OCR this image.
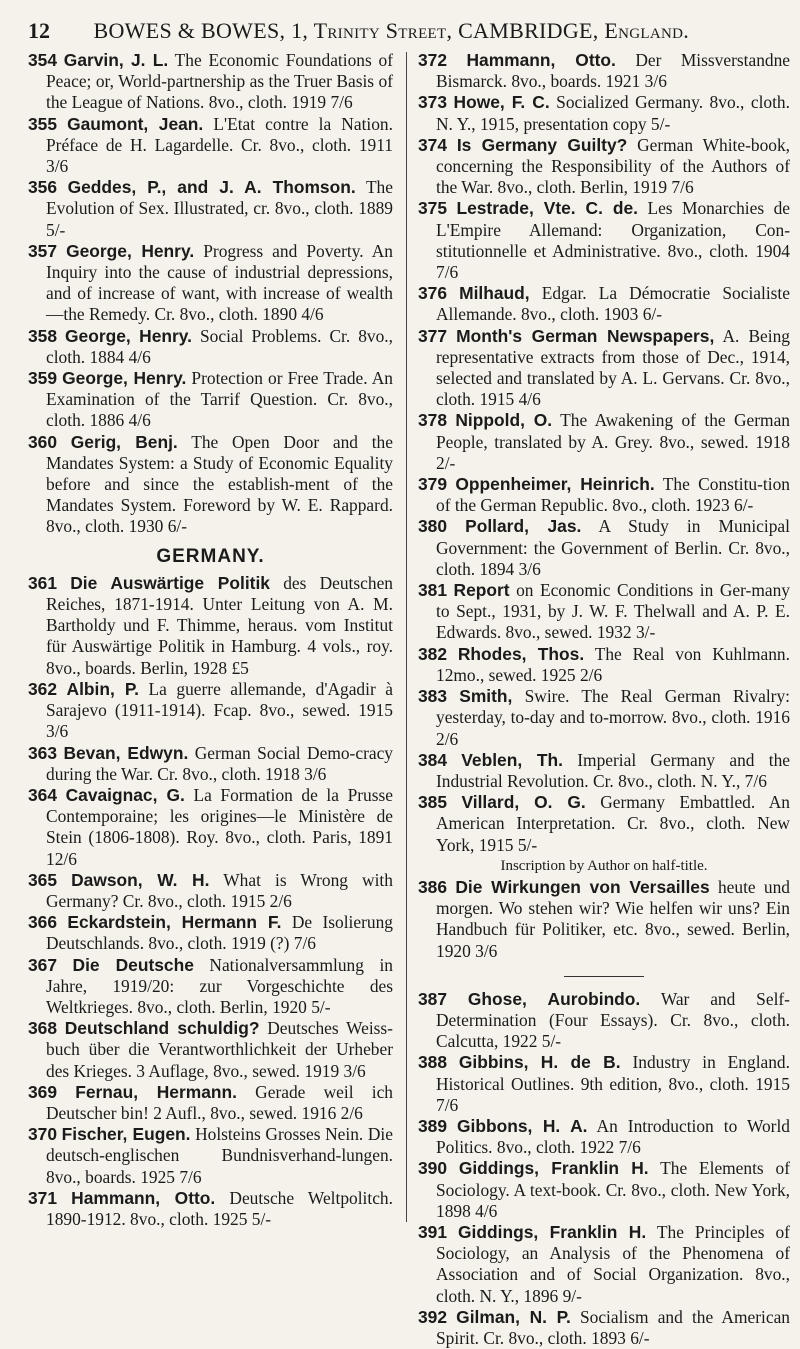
12 BOWES & BOWES, 1, Trinity Street, CAMBRIDGE, England.
354 Garvin, J. L. The Economic Foundations of Peace; or, World-partnership as the Truer Basis of the League of Nations. 8vo., cloth. 1919 7/6
355 Gaumont, Jean. L'Etat contre la Nation. Préface de H. Lagardelle. Cr. 8vo., cloth. 1911 3/6
356 Geddes, P., and J. A. Thomson. The Evolution of Sex. Illustrated, cr. 8vo., cloth. 1889 5/-
357 George, Henry. Progress and Poverty. An Inquiry into the cause of industrial depressions, and of increase of want, with increase of wealth—the Remedy. Cr. 8vo., cloth. 1890 4/6
358 George, Henry. Social Problems. Cr. 8vo., cloth. 1884 4/6
359 George, Henry. Protection or Free Trade. An Examination of the Tarrif Question. Cr. 8vo., cloth. 1886 4/6
360 Gerig, Benj. The Open Door and the Mandates System: a Study of Economic Equality before and since the establish-ment of the Mandates System. Foreword by W. E. Rappard. 8vo., cloth. 1930 6/-
GERMANY.
361 Die Auswärtige Politik des Deutschen Reiches, 1871-1914. Unter Leitung von A. M. Bartholdy und F. Thimme, heraus. vom Institut für Auswärtige Politik in Hamburg. 4 vols., roy. 8vo., boards. Berlin, 1928 £5
362 Albin, P. La guerre allemande, d'Agadir à Sarajevo (1911-1914). Fcap. 8vo., sewed. 1915 3/6
363 Bevan, Edwyn. German Social Demo-cracy during the War. Cr. 8vo., cloth. 1918 3/6
364 Cavaignac, G. La Formation de la Prusse Contemporaine; les origines—le Ministère de Stein (1806-1808). Roy. 8vo., cloth. Paris, 1891 12/6
365 Dawson, W. H. What is Wrong with Germany? Cr. 8vo., cloth. 1915 2/6
366 Eckardstein, Hermann F. De Isolierung Deutschlands. 8vo., cloth. 1919 (?) 7/6
367 Die Deutsche Nationalversammlung in Jahre, 1919/20: zur Vorgeschichte des Weltkrieges. 8vo., cloth. Berlin, 1920 5/-
368 Deutschland schuldig? Deutsches Weiss-buch über die Verantworthlichkeit der Urheber des Krieges. 3 Auflage, 8vo., sewed. 1919 3/6
369 Fernau, Hermann. Gerade weil ich Deutscher bin! 2 Aufl., 8vo., sewed. 1916 2/6
370 Fischer, Eugen. Holsteins Grosses Nein. Die deutsch-englischen Bundnisverhand-lungen. 8vo., boards. 1925 7/6
371 Hammann, Otto. Deutsche Weltpolitch. 1890-1912. 8vo., cloth. 1925 5/-
372 Hammann, Otto. Der Missverstandne Bismarck. 8vo., boards. 1921 3/6
373 Howe, F. C. Socialized Germany. 8vo., cloth. N. Y., 1915, presentation copy 5/-
374 Is Germany Guilty? German White-book, concerning the Responsibility of the Authors of the War. 8vo., cloth. Berlin, 1919 7/6
375 Lestrade, Vte. C. de. Les Monarchies de L'Empire Allemand: Organization, Con-stitutionnelle et Administrative. 8vo., cloth. 1904 7/6
376 Milhaud, Edgar. La Démocratie Socialiste Allemande. 8vo., cloth. 1903 6/-
377 Month's German Newspapers, A. Being representative extracts from those of Dec., 1914, selected and translated by A. L. Gervans. Cr. 8vo., cloth. 1915 4/6
378 Nippold, O. The Awakening of the German People, translated by A. Grey. 8vo., sewed. 1918 2/-
379 Oppenheimer, Heinrich. The Constitu-tion of the German Republic. 8vo., cloth. 1923 6/-
380 Pollard, Jas. A Study in Municipal Government: the Government of Berlin. Cr. 8vo., cloth. 1894 3/6
381 Report on Economic Conditions in Ger-many to Sept., 1931, by J. W. F. Thelwall and A. P. E. Edwards. 8vo., sewed. 1932 3/-
382 Rhodes, Thos. The Real von Kuhlmann. 12mo., sewed. 1925 2/6
383 Smith, Swire. The Real German Rivalry: yesterday, to-day and to-morrow. 8vo., cloth. 1916 2/6
384 Veblen, Th. Imperial Germany and the Industrial Revolution. Cr. 8vo., cloth. N. Y., 7/6
385 Villard, O. G. Germany Embattled. An American Interpretation. Cr. 8vo., cloth. New York, 1915 5/-
Inscription by Author on half-title.
386 Die Wirkungen von Versailles heute und morgen. Wo stehen wir? Wie helfen wir uns? Ein Handbuch für Politiker, etc. 8vo., sewed. Berlin, 1920 3/6
387 Ghose, Aurobindo. War and Self-Determination (Four Essays). Cr. 8vo., cloth. Calcutta, 1922 5/-
388 Gibbins, H. de B. Industry in England. Historical Outlines. 9th edition, 8vo., cloth. 1915 7/6
389 Gibbons, H. A. An Introduction to World Politics. 8vo., cloth. 1922 7/6
390 Giddings, Franklin H. The Elements of Sociology. A text-book. Cr. 8vo., cloth. New York, 1898 4/6
391 Giddings, Franklin H. The Principles of Sociology, an Analysis of the Phenomena of Association and of Social Organization. 8vo., cloth. N. Y., 1896 9/-
392 Gilman, N. P. Socialism and the American Spirit. Cr. 8vo., cloth. 1893 6/-
